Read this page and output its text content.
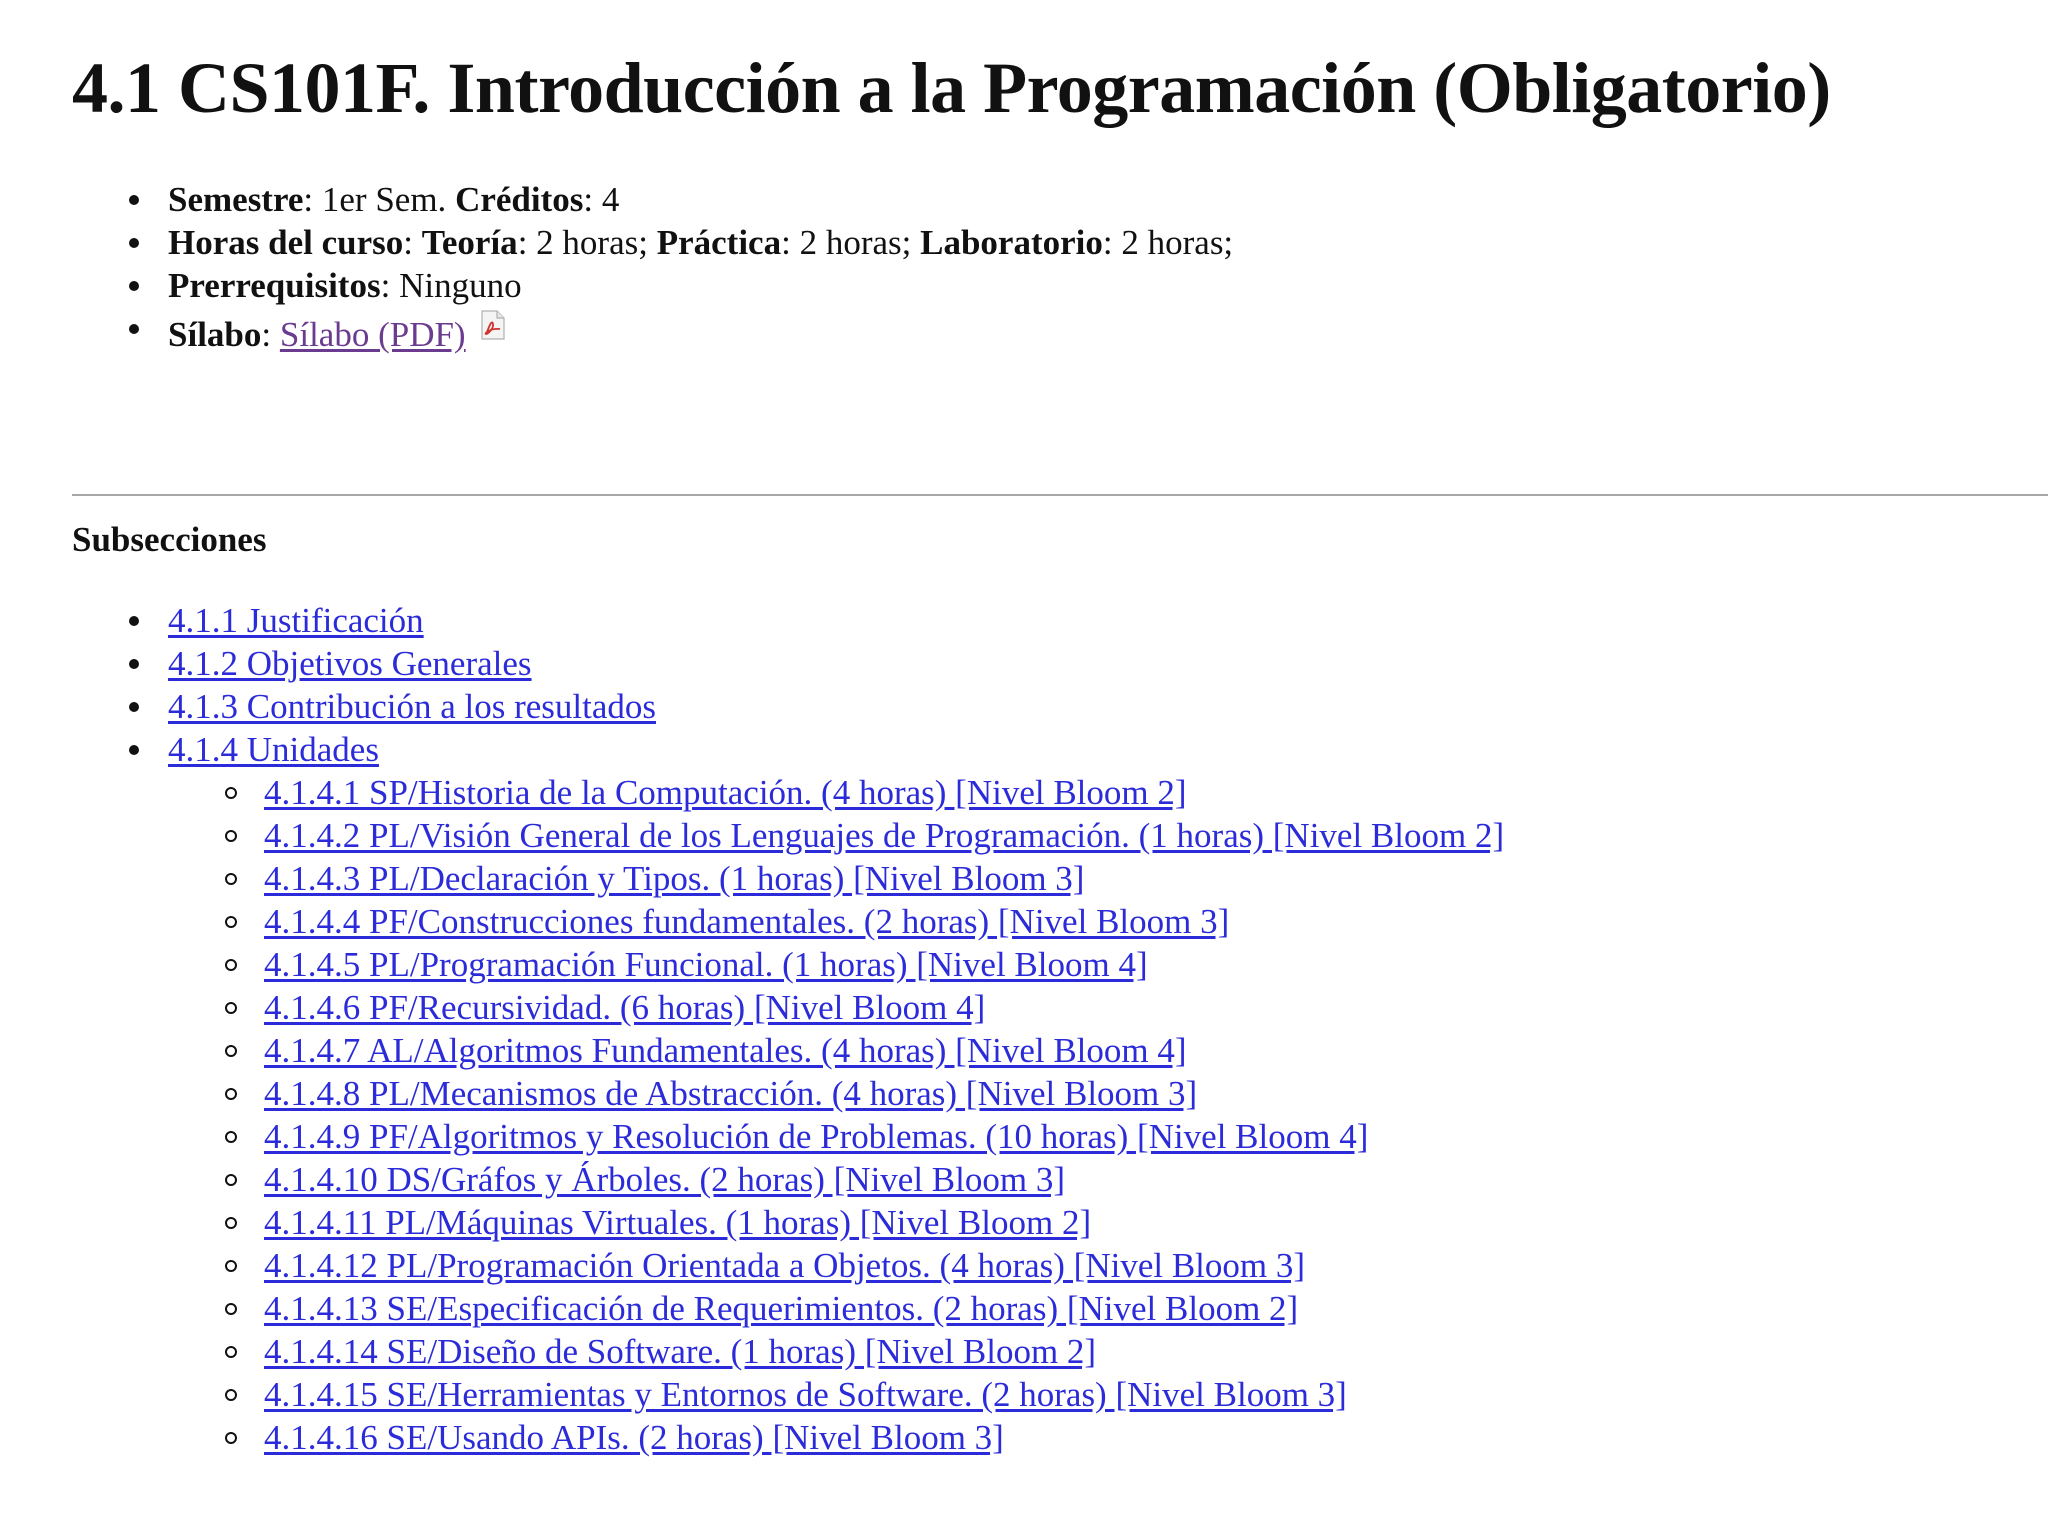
4.1 CS101F. Introducción a la Programación (Obligatorio)
Semestre: 1er Sem. Créditos: 4
Horas del curso: Teoría: 2 horas; Práctica: 2 horas; Laboratorio: 2 horas;
Prerrequisitos: Ninguno
Sílabo: Sílabo (PDF)
Subsecciones
4.1.1 Justificación
4.1.2 Objetivos Generales
4.1.3 Contribución a los resultados
4.1.4 Unidades
4.1.4.1 SP/Historia de la Computación. (4 horas) [Nivel Bloom 2]
4.1.4.2 PL/Visión General de los Lenguajes de Programación. (1 horas) [Nivel Bloom 2]
4.1.4.3 PL/Declaración y Tipos. (1 horas) [Nivel Bloom 3]
4.1.4.4 PF/Construcciones fundamentales. (2 horas) [Nivel Bloom 3]
4.1.4.5 PL/Programación Funcional. (1 horas) [Nivel Bloom 4]
4.1.4.6 PF/Recursividad. (6 horas) [Nivel Bloom 4]
4.1.4.7 AL/Algoritmos Fundamentales. (4 horas) [Nivel Bloom 4]
4.1.4.8 PL/Mecanismos de Abstracción. (4 horas) [Nivel Bloom 3]
4.1.4.9 PF/Algoritmos y Resolución de Problemas. (10 horas) [Nivel Bloom 4]
4.1.4.10 DS/Gráfos y Árboles. (2 horas) [Nivel Bloom 3]
4.1.4.11 PL/Máquinas Virtuales. (1 horas) [Nivel Bloom 2]
4.1.4.12 PL/Programación Orientada a Objetos. (4 horas) [Nivel Bloom 3]
4.1.4.13 SE/Especificación de Requerimientos. (2 horas) [Nivel Bloom 2]
4.1.4.14 SE/Diseño de Software. (1 horas) [Nivel Bloom 2]
4.1.4.15 SE/Herramientas y Entornos de Software. (2 horas) [Nivel Bloom 3]
4.1.4.16 SE/Usando APIs. (2 horas) [Nivel Bloom 3]
